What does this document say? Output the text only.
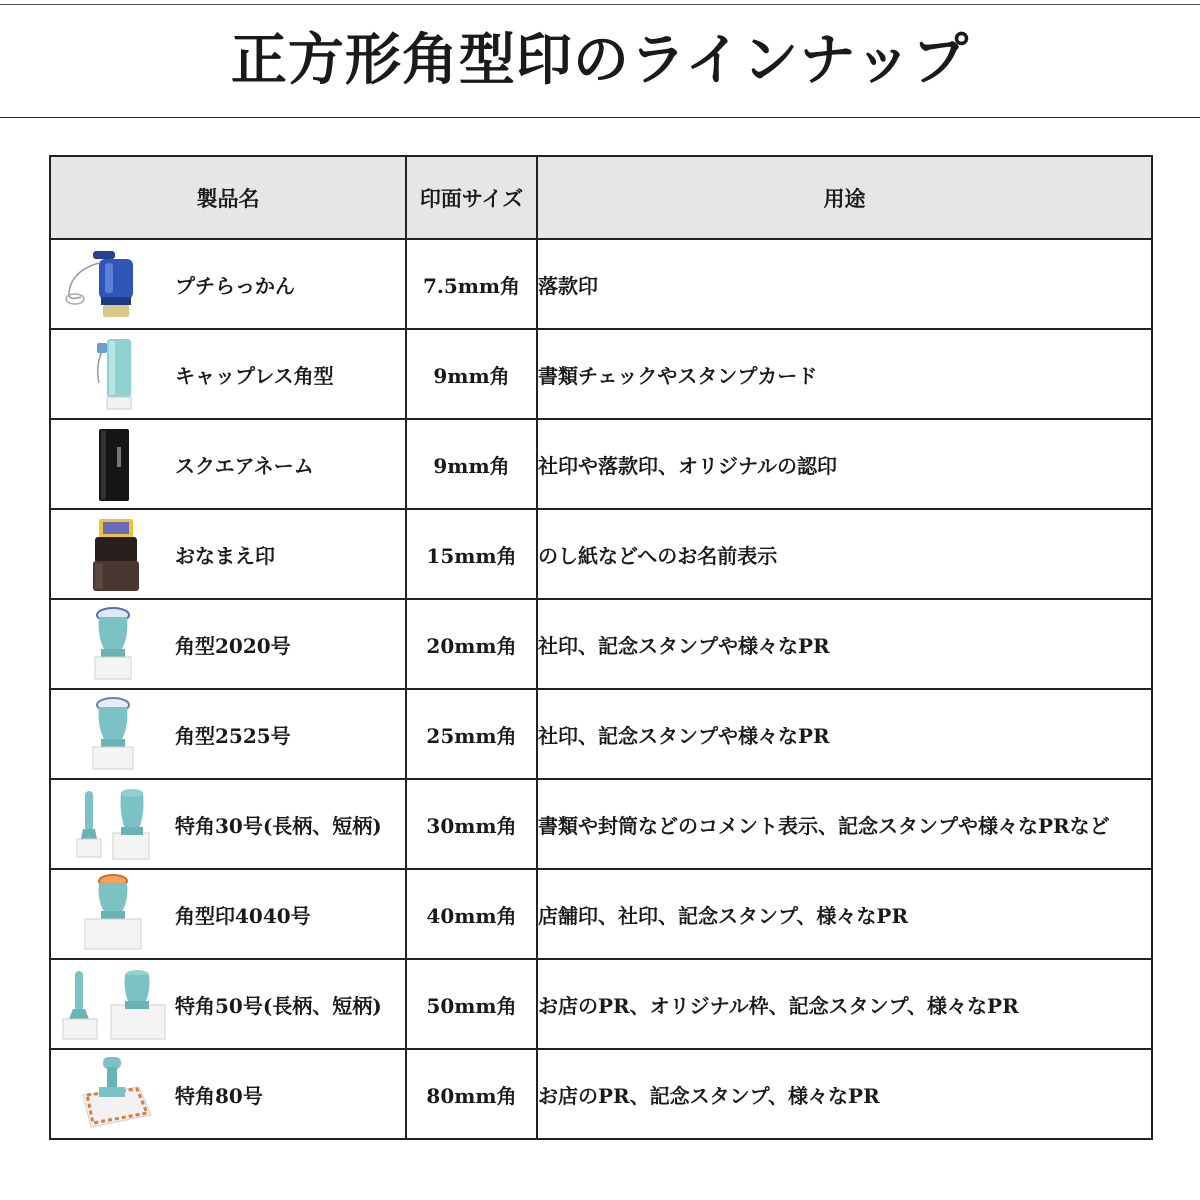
正方形角型印のラインナップ
製品名	印面サイズ	用途

プチらっかん	7.5mm角	落款印

キャップレス角型	9mm角	書類チェックやスタンプカード

スクエアネーム	9mm角	社印や落款印、オリジナルの認印

おなまえ印	15mm角	のし紙などへのお名前表示

角型2020号	20mm角	社印、記念スタンプや様々なPR

角型2525号	25mm角	社印、記念スタンプや様々なPR

特角30号(長柄、短柄)	30mm角	書類や封筒などのコメント表示、記念スタンプや様々なPRなど

角型印4040号	40mm角	店舗印、社印、記念スタンプ、様々なPR

特角50号(長柄、短柄)	50mm角	お店のPR、オリジナル枠、記念スタンプ、様々なPR

特角80号	80mm角	お店のPR、記念スタンプ、様々なPR
